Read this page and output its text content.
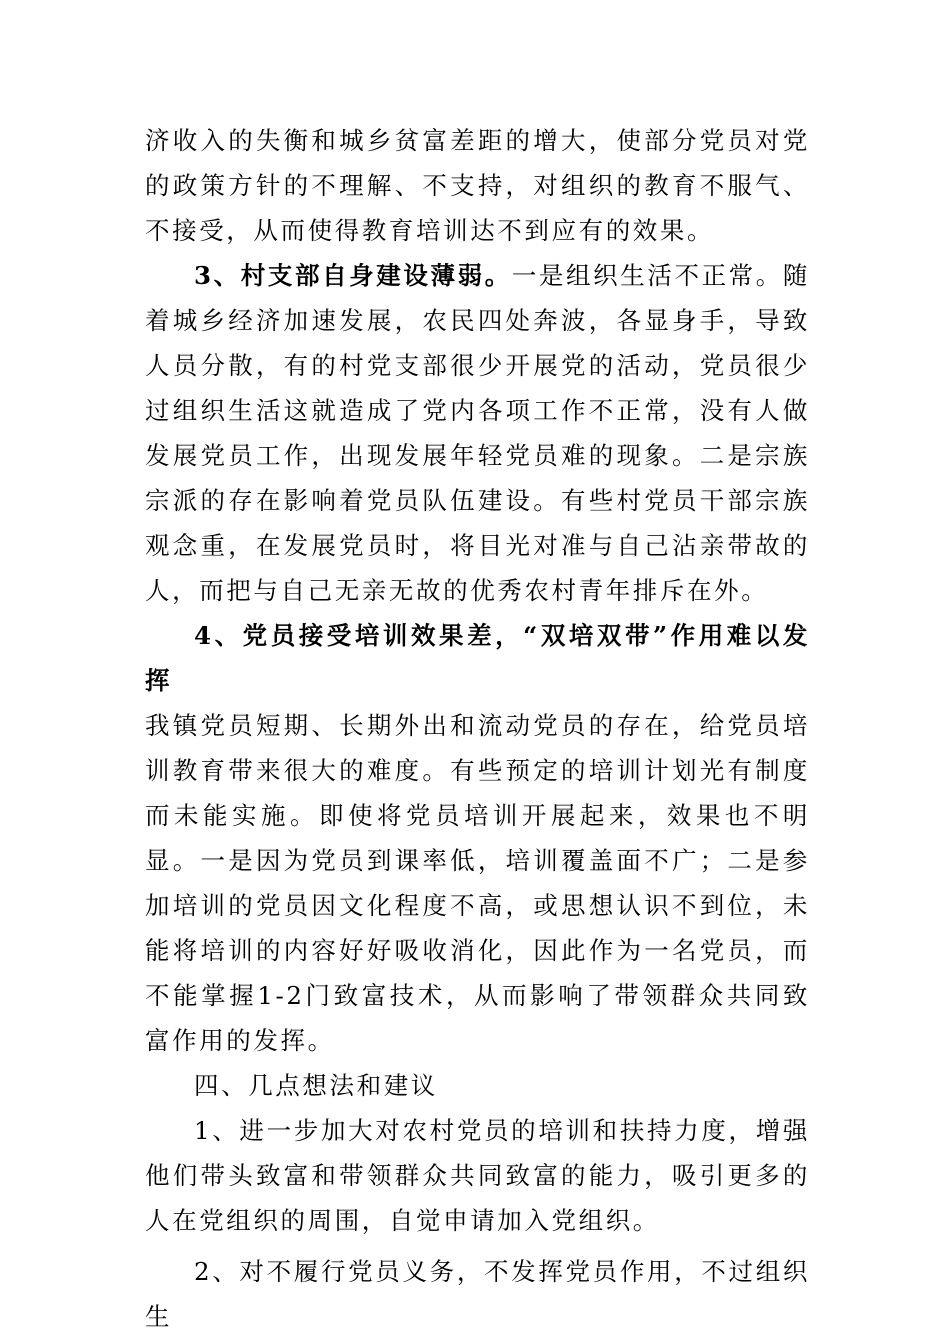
济收入的失衡和城乡贫富差距的增大，使部分党员对党的政策方针的不理解、不支持，对组织的教育不服气、不接受，从而使得教育培训达不到应有的效果。

3、村支部自身建设薄弱。一是组织生活不正常。随着城乡经济加速发展，农民四处奔波，各显身手，导致人员分散，有的村党支部很少开展党的活动，党员很少过组织生活这就造成了党内各项工作不正常，没有人做发展党员工作，出现发展年轻党员难的现象。二是宗族宗派的存在影响着党员队伍建设。有些村党员干部宗族观念重，在发展党员时，将目光对准与自己沾亲带故的人，而把与自己无亲无故的优秀农村青年排斥在外。

4、党员接受培训效果差，“双培双带”作用难以发挥
我镇党员短期、长期外出和流动党员的存在，给党员培训教育带来很大的难度。有些预定的培训计划光有制度而未能实施。即使将党员培训开展起来，效果也不明显。一是因为党员到课率低，培训覆盖面不广；二是参加培训的党员因文化程度不高，或思想认识不到位，未能将培训的内容好好吸收消化，因此作为一名党员，而不能掌握1-2门致富技术，从而影响了带领群众共同致富作用的发挥。

四、几点想法和建议

1、进一步加大对农村党员的培训和扶持力度，增强他们带头致富和带领群众共同致富的能力，吸引更多的人在党组织的周围，自觉申请加入党组织。

2、对不履行党员义务，不发挥党员作用，不过组织生
